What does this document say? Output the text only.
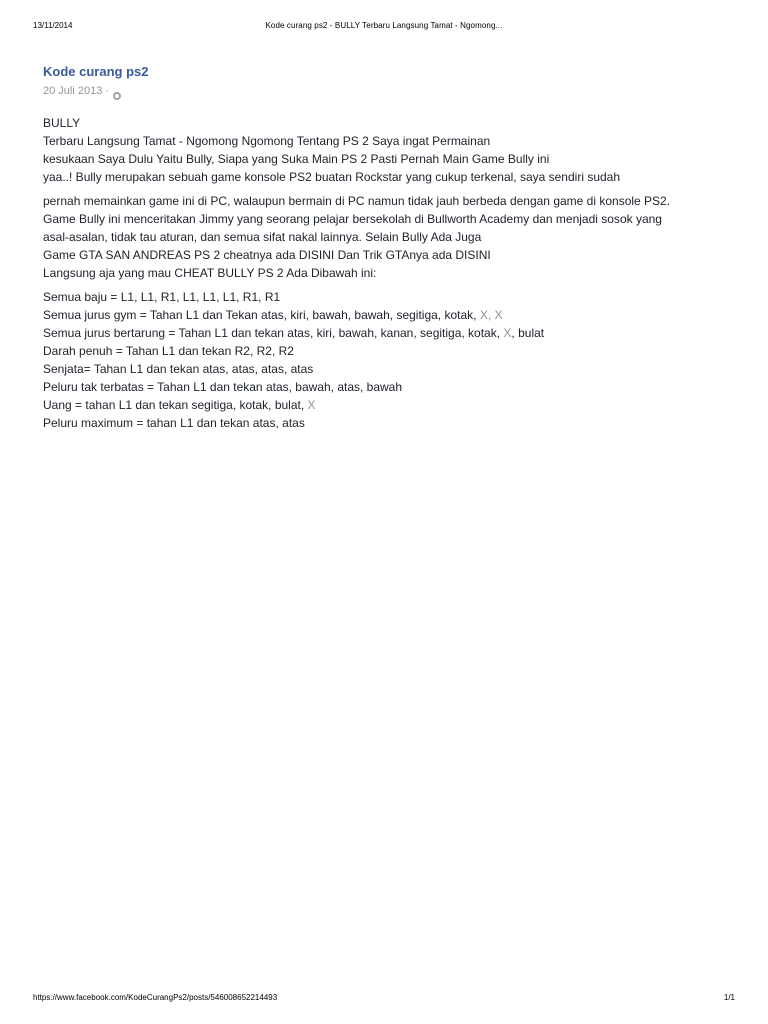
13/11/2014	Kode curang ps2 - BULLY Terbaru Langsung Tamat - Ngomong...
Kode curang ps2
20 Juli 2013 ·

BULLY

Terbaru Langsung Tamat - Ngomong Ngomong Tentang PS 2 Saya ingat Permainan

kesukaan Saya Dulu Yaitu Bully, Siapa yang Suka Main PS 2 Pasti Pernah Main Game Bully ini

yaa..! Bully merupakan sebuah game konsole PS2 buatan Rockstar yang cukup terkenal, saya sendiri sudah

pernah memainkan game ini di PC, walaupun bermain di PC namun tidak jauh berbeda dengan game di konsole PS2.

Game Bully ini menceritakan Jimmy yang seorang pelajar bersekolah di Bullworth Academy dan menjadi sosok yang

asal-asalan, tidak tau aturan, dan semua sifat nakal lainnya. Selain Bully Ada Juga

Game GTA SAN ANDREAS PS 2 cheatnya ada DISINI Dan Trik GTAnya ada DISINI

Langsung aja yang mau CHEAT BULLY PS 2 Ada Dibawah ini:

Semua baju = L1, L1, R1, L1, L1, L1, R1, R1
Semua jurus gym = Tahan L1 dan Tekan atas, kiri, bawah, bawah, segitiga, kotak, X, X
Semua jurus bertarung = Tahan L1 dan tekan atas, kiri, bawah, kanan, segitiga, kotak, X, bulat
Darah penuh = Tahan L1 dan tekan R2, R2, R2
Senjata= Tahan L1 dan tekan atas, atas, atas, atas
Peluru tak terbatas = Tahan L1 dan tekan atas, bawah, atas, bawah
Uang = tahan L1 dan tekan segitiga, kotak, bulat, X
Peluru maximum = tahan L1 dan tekan atas, atas
https://www.facebook.com/KodeCurangPs2/posts/546008652214493	1/1
